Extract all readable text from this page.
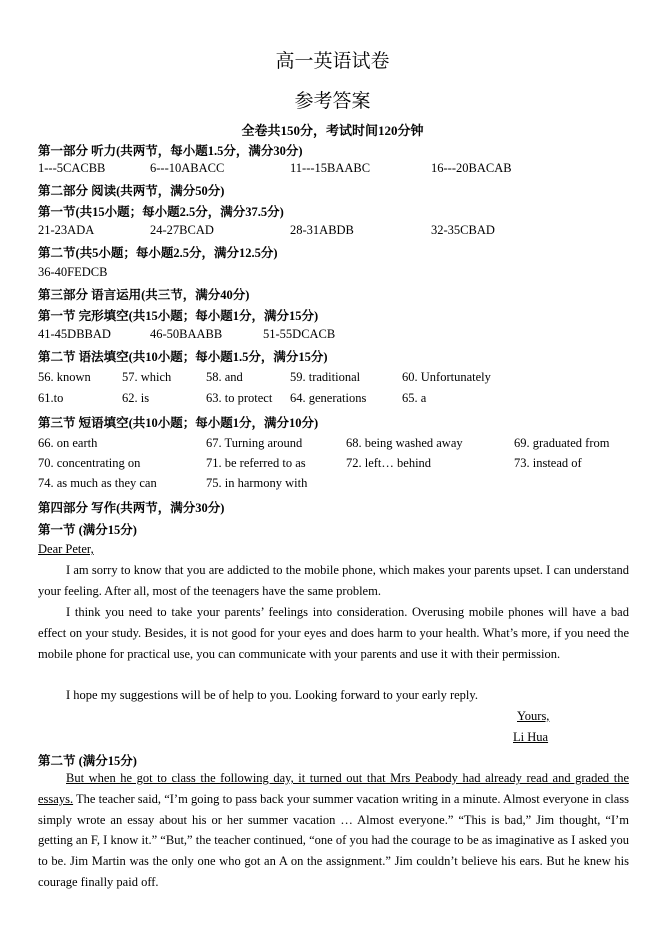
高一英语试卷
参考答案
全卷共150分，考试时间120分钟
第一部分 听力(共两节，每小题1.5分，满分30分)
1---5CACBB	6---10ABACC	11---15BAABC	16---20BACAB
第二部分 阅读(共两节，满分50分)
第一节(共15小题；每小题2.5分，满分37.5分)
21-23ADA	24-27BCAD	28-31ABDB	32-35CBAD
第二节(共5小题；每小题2.5分，满分12.5分)
36-40FEDCB
第三部分 语言运用(共三节，满分40分)
第一节 完形填空(共15小题；每小题1分，满分15分)
41-45DBBAD	46-50BAABB	51-55DCACB
第二节 语法填空(共10小题；每小题1.5分，满分15分)
56. known 57. which	58. and	59. traditional	60. Unfortunately
61.to	62. is	63. to protect 64. generations	65. a
第三节 短语填空(共10小题；每小题1分，满分10分)
66. on earth	67. Turning around	68. being washed away	69. graduated from
70. concentrating on	71. be referred to as	72. left… behind	73. instead of
74. as much as they can	75. in harmony with
第四部分 写作(共两节，满分30分)
第一节 (满分15分)
Dear Peter,
I am sorry to know that you are addicted to the mobile phone, which makes your parents upset. I can understand your feeling. After all, most of the teenagers have the same problem.
I think you need to take your parents’ feelings into consideration. Overusing mobile phones will have a bad effect on your study. Besides, it is not good for your eyes and does harm to your health. What’s more, if you need the mobile phone for practical use, you can communicate with your parents and use it with their permission.
I hope my suggestions will be of help to you. Looking forward to your early reply.
Yours,
Li Hua
第二节 (满分15分)
But when he got to class the following day, it turned out that Mrs Peabody had already read and graded the essays. The teacher said, “I’m going to pass back your summer vacation writing in a minute. Almost everyone in class simply wrote an essay about his or her summer vacation … Almost everyone.” “This is bad,” Jim thought, “I’m getting an F, I know it.” “But,” the teacher continued, “one of you had the courage to be as imaginative as I asked you to be. Jim Martin was the only one who got an A on the assignment.” Jim couldn’t believe his ears. But he knew his courage finally paid off.
